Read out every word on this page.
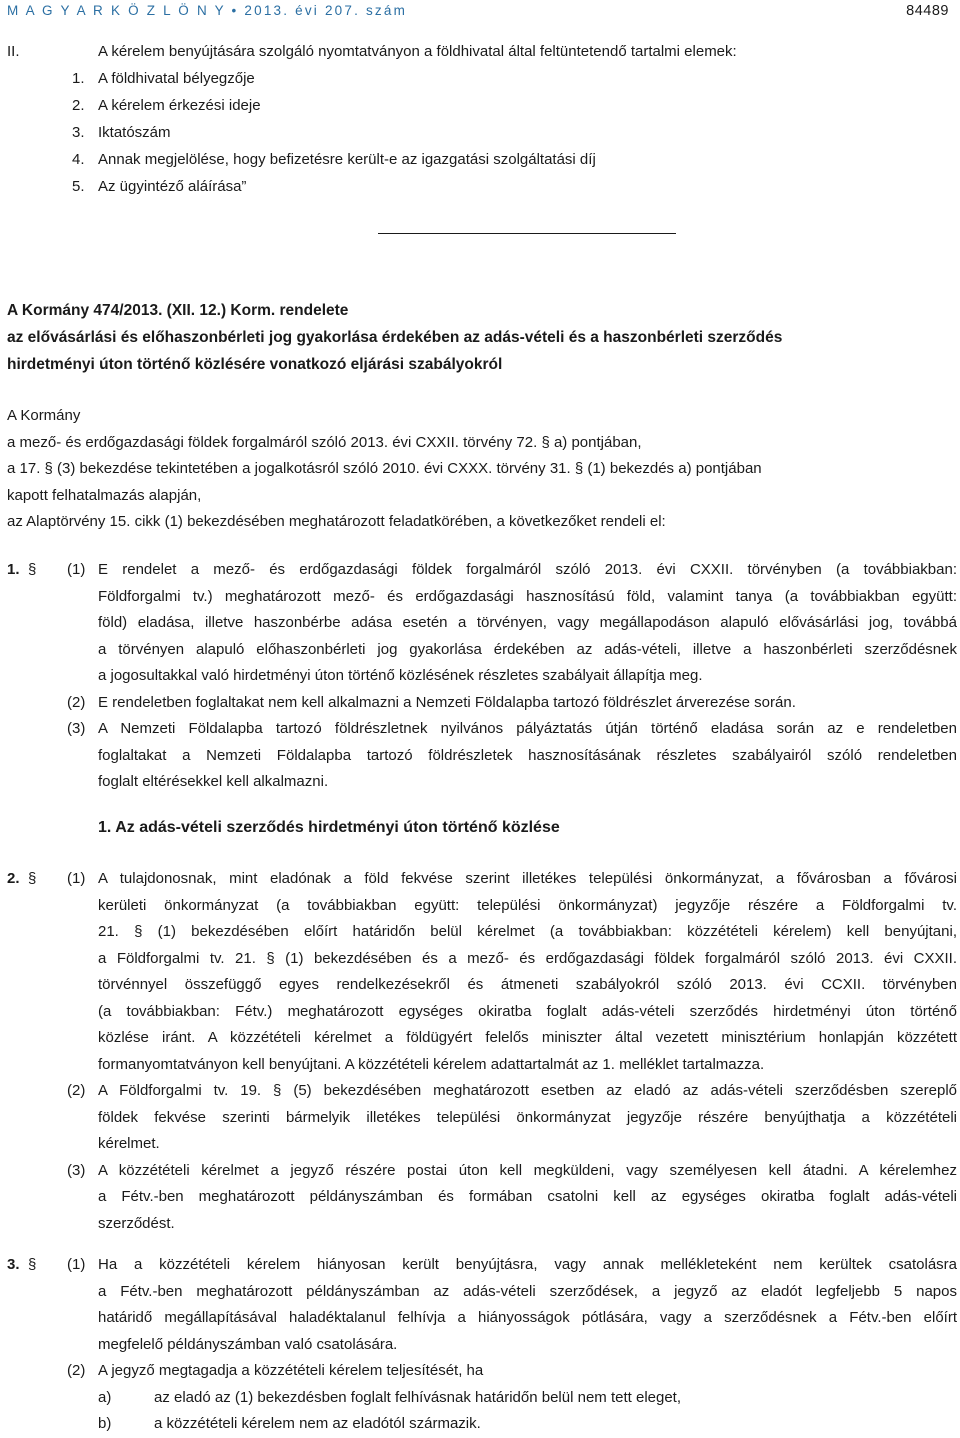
M A G Y A R K Ö Z L Ö N Y • 2013. évi 207. szám	84489
II.	A kérelem benyújtására szolgáló nyomtatványon a földhivatal által feltüntetendő tartalmi elemek:
1. A földhivatal bélyegzője
2. A kérelem érkezési ideje
3. Iktatószám
4. Annak megjelölése, hogy befizetésre került-e az igazgatási szolgáltatási díj
5. Az ügyintéző aláírása”
A Kormány 474/2013. (XII. 12.) Korm. rendelete
az elővásárlási és előhaszonbérleti jog gyakorlása érdekében az adás-vételi és a haszonbérleti szerződés
hirdetményi úton történő közlésére vonatkozó eljárási szabályokról
A Kormány
a mező- és erdőgazdasági földek forgalmáról szóló 2013. évi CXXII. törvény 72. § a) pontjában,
a 17. § (3) bekezdése tekintetében a jogalkotásról szóló 2010. évi CXXX. törvény 31. § (1) bekezdés a) pontjában
kapott felhatalmazás alapján,
az Alaptörvény 15. cikk (1) bekezdésében meghatározott feladatkörében, a következőket rendeli el:
1. § (1) E rendelet a mező- és erdőgazdasági földek forgalmáról szóló 2013. évi CXXII. törvényben (a továbbiakban:
Földforgalmi tv.) meghatározott mező- és erdőgazdasági hasznosítású föld, valamint tanya (a továbbiakban együtt:
föld) eladása, illetve haszonbérbe adása esetén a törvényen, vagy megállapodáson alapuló elővásárlási jog, továbbá
a törvényen alapuló előhaszonbérleti jog gyakorlása érdekében az adás-vételi, illetve a haszonbérleti szerződésnek
a jogosultakkal való hirdetményi úton történő közlésének részletes szabályait állapítja meg.
(2) E rendeletben foglaltakat nem kell alkalmazni a Nemzeti Földalapba tartozó földrészlet árverezése során.
(3) A Nemzeti Földalapba tartozó földrészletnek nyilvános pályáztatás útján történő eladása során az e rendeletben
foglaltakat a Nemzeti Földalapba tartozó földrészletek hasznosításának részletes szabályairól szóló rendeletben
foglalt eltérésekkel kell alkalmazni.
1. Az adás-vételi szerződés hirdetményi úton történő közlése
2. § (1) A tulajdonosnak, mint eladónak a föld fekvése szerint illetékes települési önkormányzat, a fővárosban a fővárosi
kerületi önkormányzat (a továbbiakban együtt: települési önkormányzat) jegyzője részére a Földforgalmi tv.
21. § (1) bekezdésében előírt határidőn belül kérelmet (a továbbiakban: közzétételi kérelem) kell benyújtani,
a Földforgalmi tv. 21. § (1) bekezdésében és a mező- és erdőgazdasági földek forgalmáról szóló 2013. évi CXXII.
törvénnyel összefüggő egyes rendelkezésekről és átmeneti szabályokról szóló 2013. évi CCXII. törvényben
(a továbbiakban: Fétv.) meghatározott egységes okiratba foglalt adás-vételi szerződés hirdetményi úton történő
közlése iránt. A közzétételi kérelmet a földügyért felelős miniszter által vezetett minisztérium honlapján közzétett
formanyomtatványon kell benyújtani. A közzétételi kérelem adattartalmát az 1. melléklet tartalmazza.
(2) A Földforgalmi tv. 19. § (5) bekezdésében meghatározott esetben az eladó az adás-vételi szerződésben szereplő
földek fekvése szerinti bármelyik illetékes települési önkormányzat jegyzője részére benyújthatja a közzétételi
kérelmet.
(3) A közzétételi kérelmet a jegyző részére postai úton kell megküldeni, vagy személyesen kell átadni. A kérelemhez
a Fétv.-ben meghatározott példányszámban és formában csatolni kell az egységes okiratba foglalt adás-vételi
szerződést.
3. § (1) Ha a közzétételi kérelem hiányosan került benyújtásra, vagy annak mellékleteként nem kerültek csatolásra
a Fétv.-ben meghatározott példányszámban az adás-vételi szerződések, a jegyző az eladót legfeljebb 5 napos
határidő megállapításával haladéktalanul felhívja a hiányosságok pótlására, vagy a szerződésnek a Fétv.-ben előírt
megfelelő példányszámban való csatolására.
(2) A jegyző megtagadja a közzétételi kérelem teljesítését, ha
a)	az eladó az (1) bekezdésben foglalt felhívásnak határidőn belül nem tett eleget,
b)	a közzétételi kérelem nem az eladótól származik.
